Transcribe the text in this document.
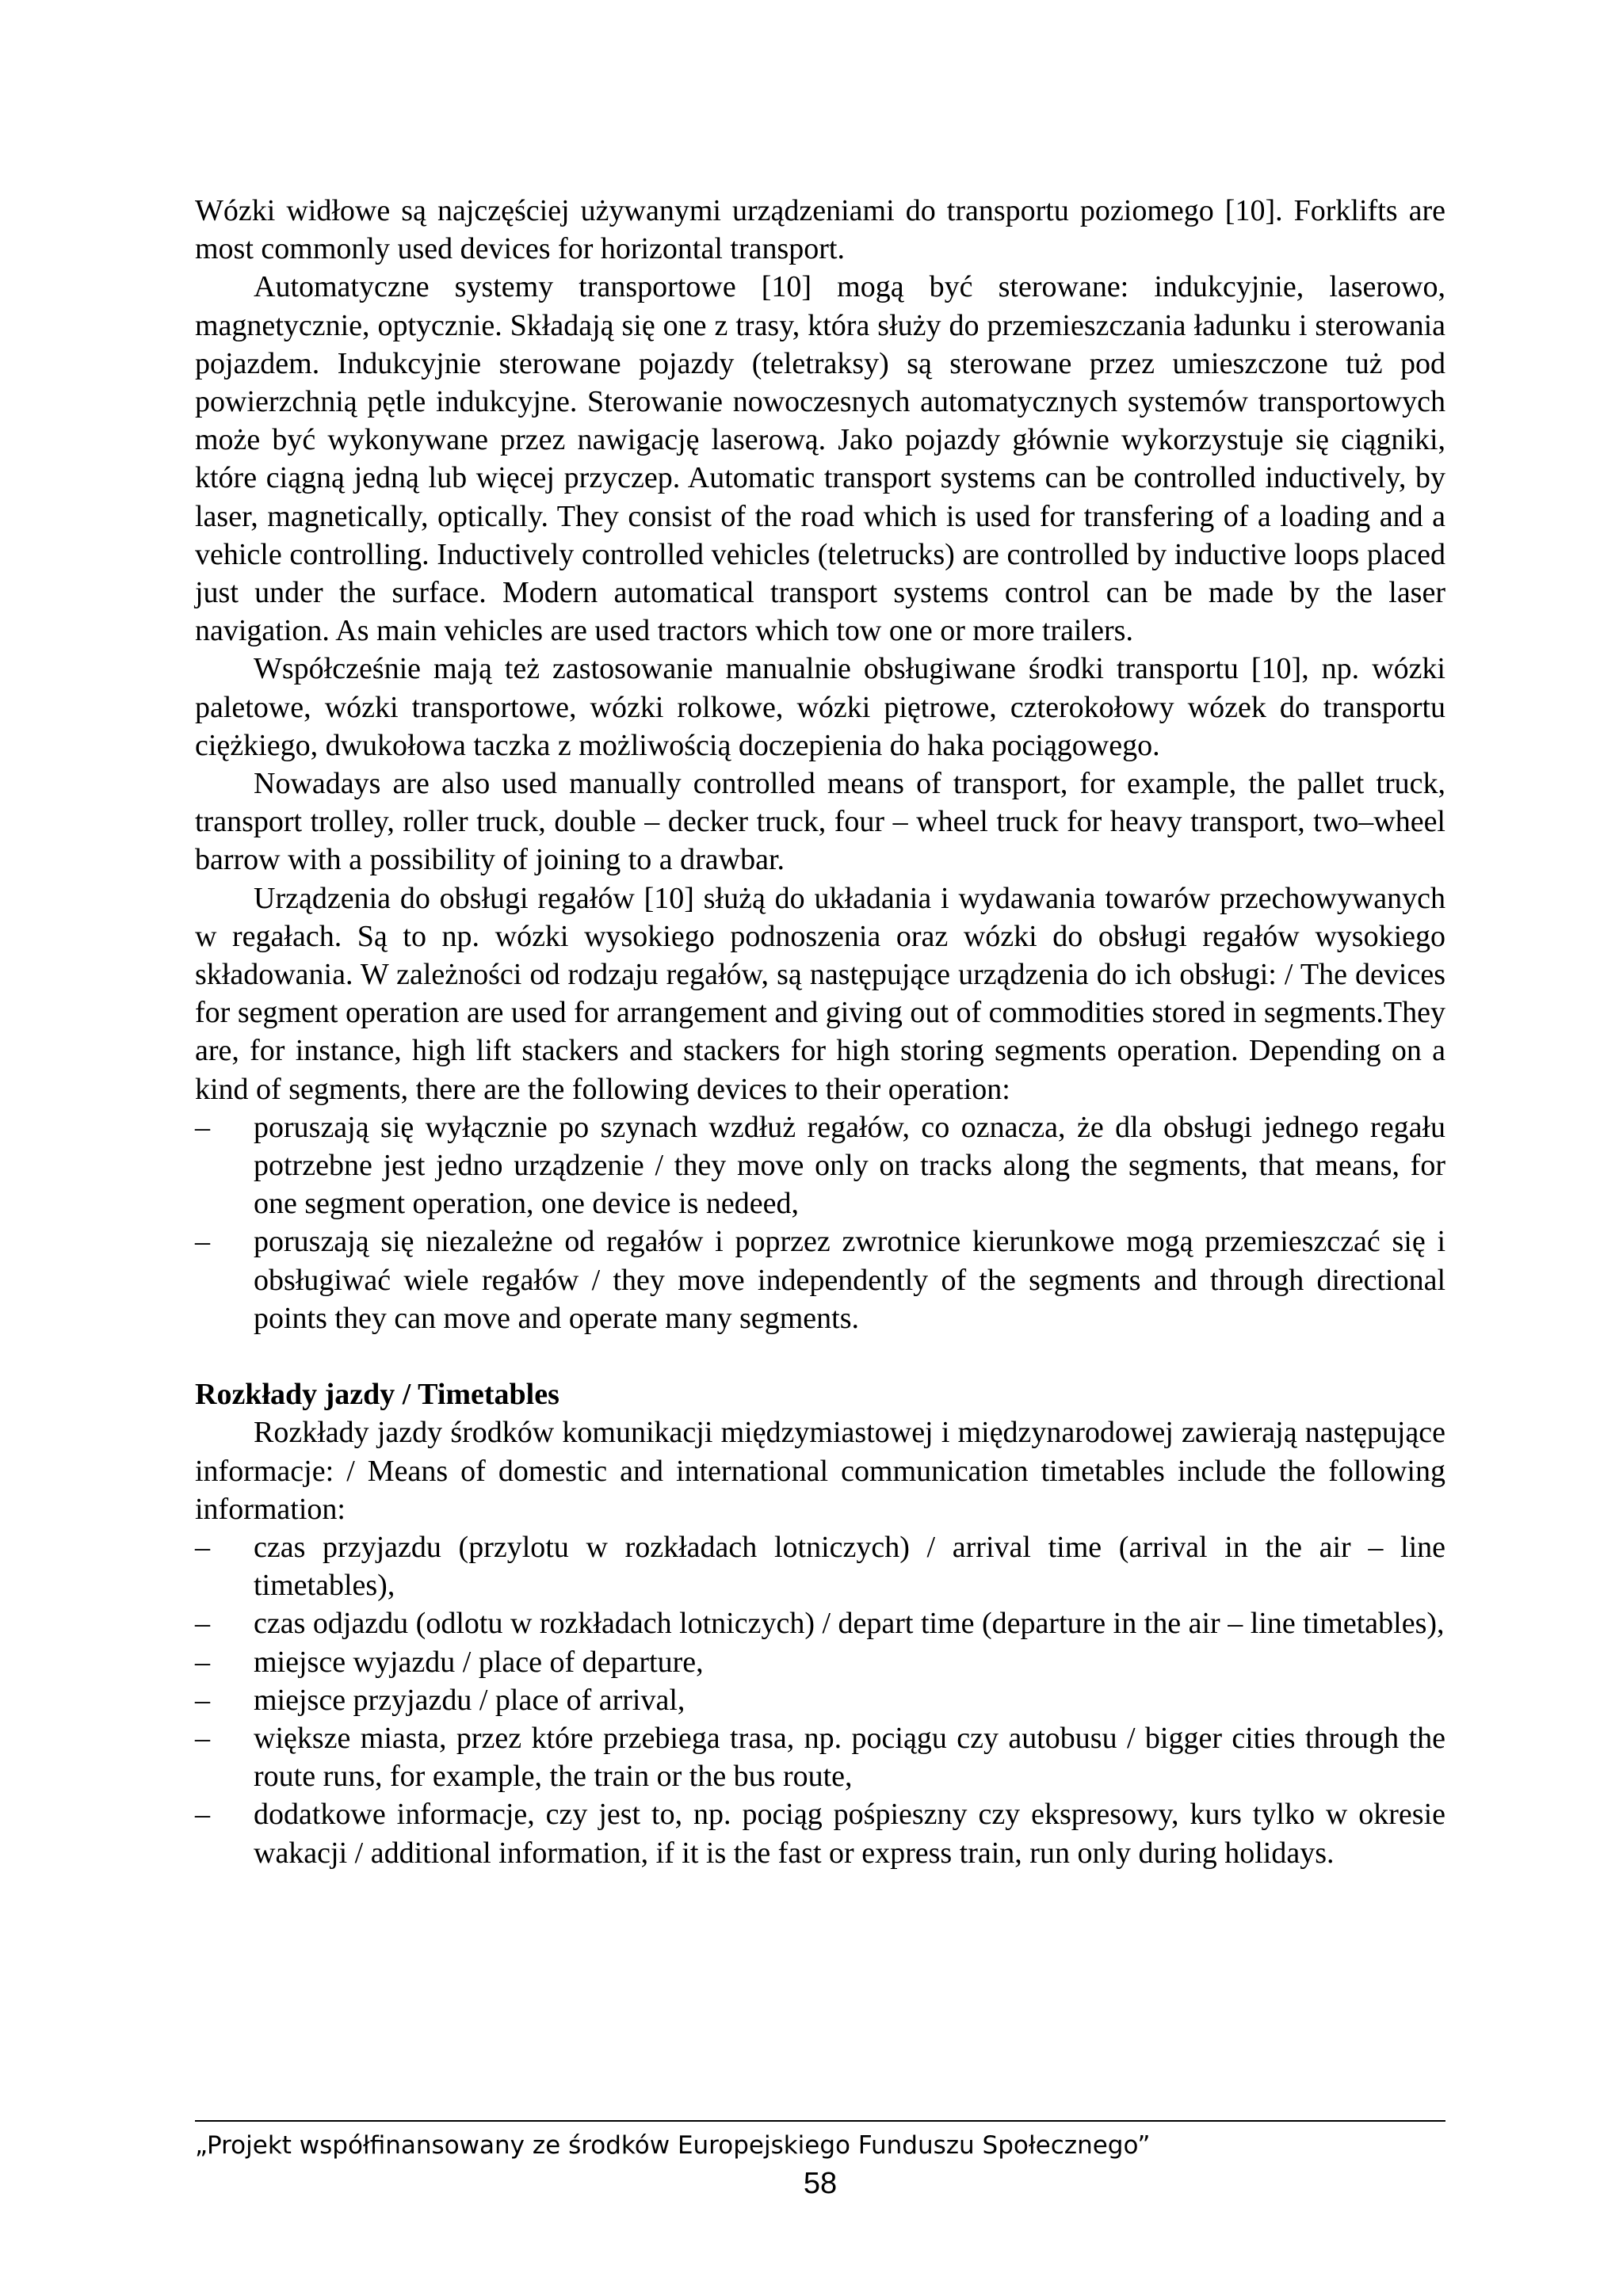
Wózki widłowe są najczęściej używanymi urządzeniami do transportu poziomego [10]. Forklifts are most commonly used devices for horizontal transport.

Automatyczne systemy transportowe [10] mogą być sterowane: indukcyjnie, laserowo, magnetycznie, optycznie. Składają się one z trasy, która służy do przemieszczania ładunku i sterowania pojazdem. Indukcyjnie sterowane pojazdy (teletraksy) są sterowane przez umieszczone tuż pod powierzchnią pętle indukcyjne. Sterowanie nowoczesnych automatycznych systemów transportowych może być wykonywane przez nawigację laserową. Jako pojazdy głównie wykorzystuje się ciągniki, które ciągną jedną lub więcej przyczep. Automatic transport systems can be controlled inductively, by laser, magnetically, optically. They consist of the road which is used for transfering of a loading and a vehicle controlling. Inductively controlled vehicles (teletrucks) are controlled by inductive loops placed just under the surface. Modern automatical transport systems control can be made by the laser navigation. As main vehicles are used tractors which tow one or more trailers.

Współcześnie mają też zastosowanie manualnie obsługiwane środki transportu [10], np. wózki paletowe, wózki transportowe, wózki rolkowe, wózki piętrowe, czterokołowy wózek do transportu ciężkiego, dwukołowa taczka z możliwością doczepienia do haka pociągowego.

Nowadays are also used manually controlled means of transport, for example, the pallet truck, transport trolley, roller truck, double – decker truck, four – wheel truck for heavy transport, two–wheel barrow with a possibility of joining to a drawbar.

Urządzenia do obsługi regałów [10] służą do układania i wydawania towarów przechowywanych w regałach. Są to np. wózki wysokiego podnoszenia oraz wózki do obsługi regałów wysokiego składowania. W zależności od rodzaju regałów, są następujące urządzenia do ich obsługi: / The devices for segment operation are used for arrangement and giving out of commodities stored in segments.They are, for instance, high lift stackers and stackers for high storing segments operation. Depending on a kind of segments, there are the following devices to their operation:

– poruszają się wyłącznie po szynach wzdłuż regałów, co oznacza, że dla obsługi jednego regału potrzebne jest jedno urządzenie / they move only on tracks along the segments, that means, for one segment operation, one device is nedeed,
– poruszają się niezależne od regałów i poprzez zwrotnice kierunkowe mogą przemieszczać się i obsługiwać wiele regałów / they move independently of the segments and through directional points they can move and operate many segments.
Rozkłady jazdy / Timetables

Rozkłady jazdy środków komunikacji międzymiastowej i międzynarodowej zawierają następujące informacje: / Means of domestic and international communication timetables include the following information:

– czas przyjazdu (przylotu w rozkładach lotniczych) / arrival time (arrival in the air – line timetables),
– czas odjazdu (odlotu w rozkładach lotniczych) / depart time (departure in the air – line timetables),
– miejsce wyjazdu / place of departure,
– miejsce przyjazdu / place of arrival,
– większe miasta, przez które przebiega trasa, np. pociągu czy autobusu / bigger cities through the route runs, for example, the train or the bus route,
– dodatkowe informacje, czy jest to, np. pociąg pośpieszny czy ekspresowy, kurs tylko w okresie wakacji / additional information, if it is the fast or express train, run only during holidays.
„Projekt współfinansowany ze środków Europejskiego Funduszu Społecznego”
58
